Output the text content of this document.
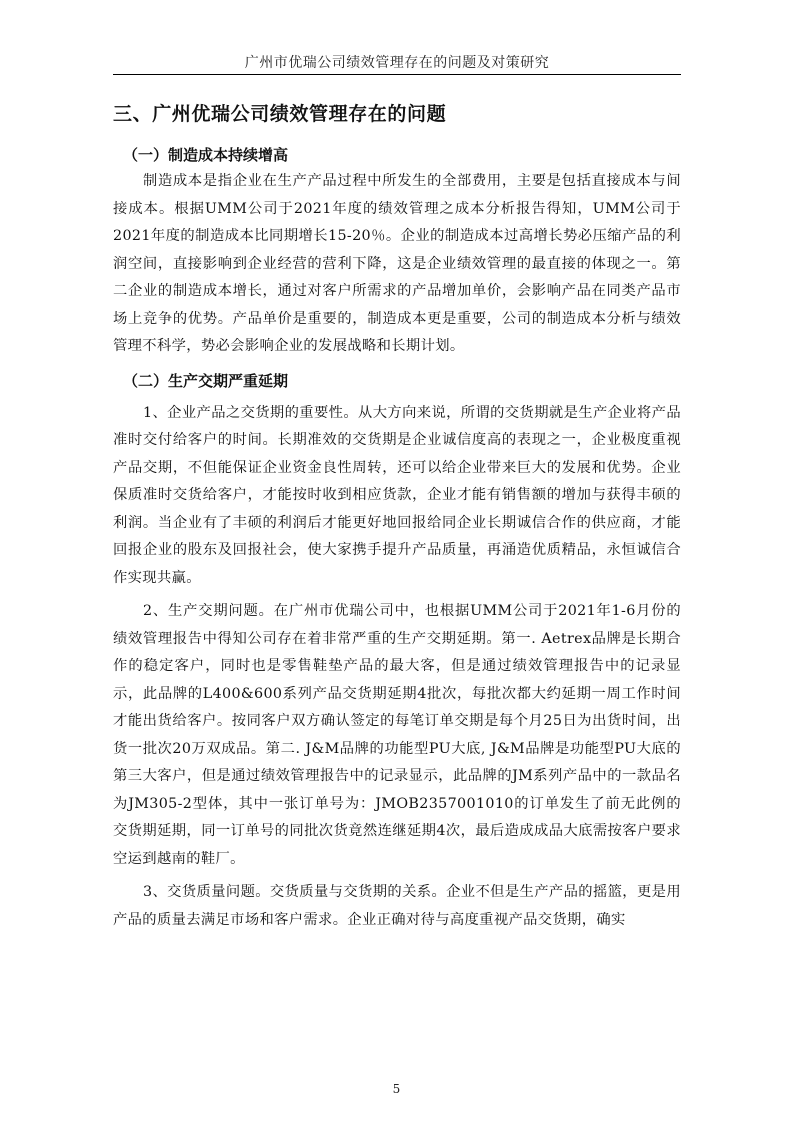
广州市优瑞公司绩效管理存在的问题及对策研究
三、广州优瑞公司绩效管理存在的问题
（一）制造成本持续增高

制造成本是指企业在生产产品过程中所发生的全部费用，主要是包括直接成本与间接成本。根据UMM公司于2021年度的绩效管理之成本分析报告得知，UMM公司于2021年度的制造成本比同期增长15-20％。企业的制造成本过高增长势必压缩产品的利润空间，直接影响到企业经营的营利下降，这是企业绩效管理的最直接的体现之一。第二企业的制造成本增长，通过对客户所需求的产品增加单价，会影响产品在同类产品市场上竞争的优势。产品单价是重要的，制造成本更是重要，公司的制造成本分析与绩效管理不科学，势必会影响企业的发展战略和长期计划。

（二）生产交期严重延期

1、企业产品之交货期的重要性。从大方向来说，所谓的交货期就是生产企业将产品准时交付给客户的时间。长期准效的交货期是企业诚信度高的表现之一，企业极度重视产品交期，不但能保证企业资金良性周转，还可以给企业带来巨大的发展和优势。企业保质准时交货给客户，才能按时收到相应货款，企业才能有销售额的增加与获得丰硕的利润。当企业有了丰硕的利润后才能更好地回报给同企业长期诚信合作的供应商，才能回报企业的股东及回报社会，使大家携手提升产品质量，再涌造优质精品，永恒诚信合作实现共赢。

2、生产交期问题。在广州市优瑞公司中，也根据UMM公司于2021年1-6月份的绩效管理报告中得知公司存在着非常严重的生产交期延期。第一. Aetrex品牌是长期合作的稳定客户，同时也是零售鞋垫产品的最大客，但是通过绩效管理报告中的记录显示，此品牌的L400&600系列产品交货期延期4批次，每批次都大约延期一周工作时间才能出货给客户。按同客户双方确认签定的每笔订单交期是每个月25日为出货时间，出货一批次20万双成品。第二. J&M品牌的功能型PU大底, J&M品牌是功能型PU大底的第三大客户，但是通过绩效管理报告中的记录显示，此品牌的JM系列产品中的一款品名为JM305-2型体，其中一张订单号为：JMOB2357001010的订单发生了前无此例的交货期延期，同一订单号的同批次货竟然连继延期4次，最后造成成品大底需按客户要求空运到越南的鞋厂。

3、交货质量问题。交货质量与交货期的关系。企业不但是生产产品的摇篮，更是用产品的质量去满足市场和客户需求。企业正确对待与高度重视产品交货期，确实

5
